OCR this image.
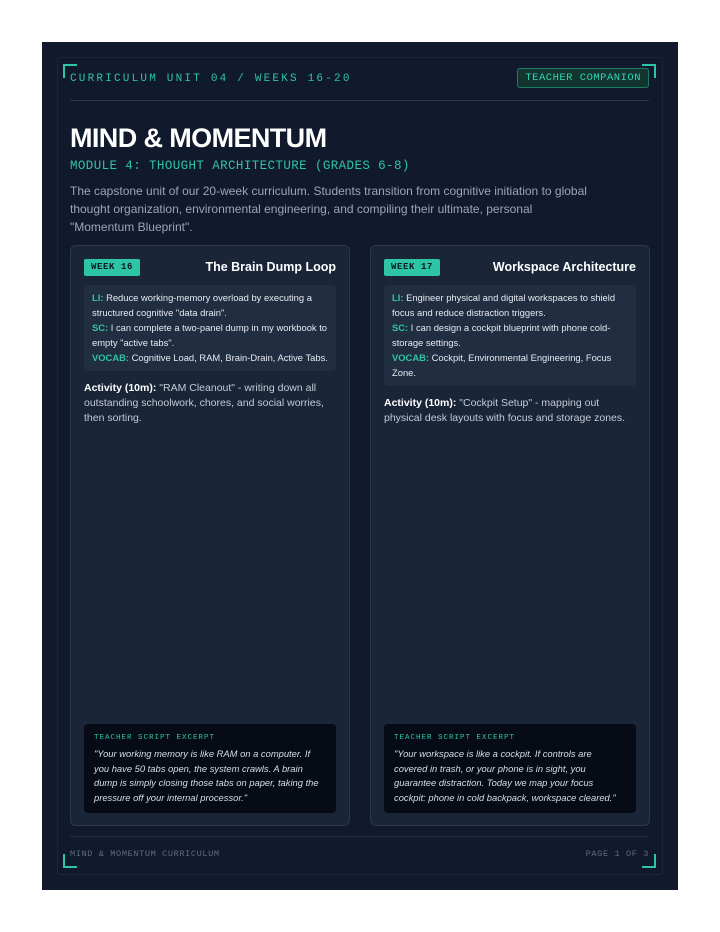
CURRICULUM UNIT 04 / WEEKS 16-20	TEACHER COMPANION
MIND & MOMENTUM
MODULE 4: THOUGHT ARCHITECTURE (GRADES 6-8)

The capstone unit of our 20-week curriculum. Students transition from cognitive initiation to global thought organization, environmental engineering, and compiling their ultimate, personal "Momentum Blueprint".

WEEK 16	The Brain Dump Loop
LI: Reduce working-memory overload by executing a structured cognitive "data drain".
SC: I can complete a two-panel dump in my workbook to empty "active tabs".
VOCAB: Cognitive Load, RAM, Brain-Drain, Active Tabs.
Activity (10m): "RAM Cleanout" - writing down all outstanding schoolwork, chores, and social worries, then sorting.
TEACHER SCRIPT EXCERPT
"Your working memory is like RAM on a computer. If you have 50 tabs open, the system crawls. A brain dump is simply closing those tabs on paper, taking the pressure off your internal processor."
WEEK 17	Workspace Architecture
LI: Engineer physical and digital workspaces to shield focus and reduce distraction triggers.
SC: I can design a cockpit blueprint with phone cold-storage settings.
VOCAB: Cockpit, Environmental Engineering, Focus Zone.
Activity (10m): "Cockpit Setup" - mapping out physical desk layouts with focus and storage zones.
TEACHER SCRIPT EXCERPT
"Your workspace is like a cockpit. If controls are covered in trash, or your phone is in sight, you guarantee distraction. Today we map your focus cockpit: phone in cold backpack, workspace cleared."
MIND & MOMENTUM CURRICULUM	PAGE 1 OF 3
